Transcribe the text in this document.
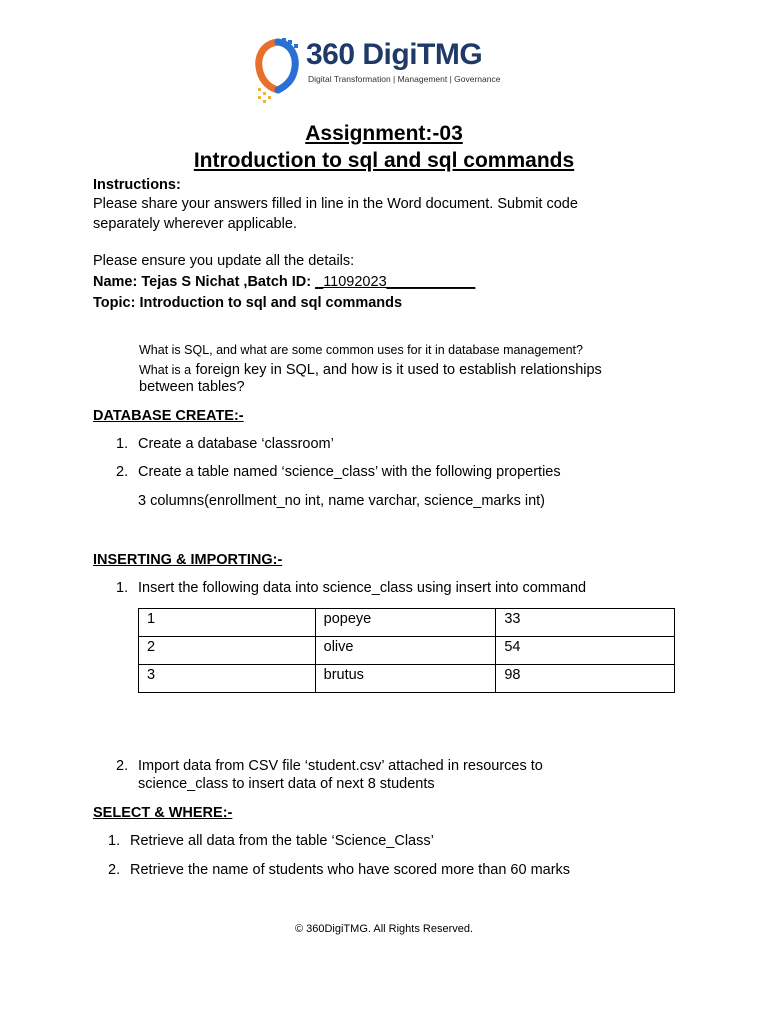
360 DigiTMG
Digital Transformation | Management | Governance
Assignment:-03
Introduction to sql and sql commands
Instructions:
Please share your answers filled in line in the Word document. Submit code
separately wherever applicable.
Please ensure you update all the details:
Name: Tejas S Nichat ,Batch ID: _11092023___________
Topic: Introduction to sql and sql commands
What is SQL, and what are some common uses for it in database management?
What is a foreign key in SQL, and how is it used to establish relationships
between tables?
DATABASE CREATE:-
1. Create a database ‘classroom’
2. Create a table named ‘science_class’ with the following properties
3 columns(enrollment_no int, name varchar, science_marks int)
INSERTING & IMPORTING:-
1. Insert the following data into science_class using insert into command
1	popeye	33
2	olive	54
3	brutus	98
2. Import data from CSV file ‘student.csv’ attached in resources to
science_class to insert data of next 8 students
SELECT & WHERE:-
1. Retrieve all data from the table ‘Science_Class’
2. Retrieve the name of students who have scored more than 60 marks
© 360DigiTMG. All Rights Reserved.
